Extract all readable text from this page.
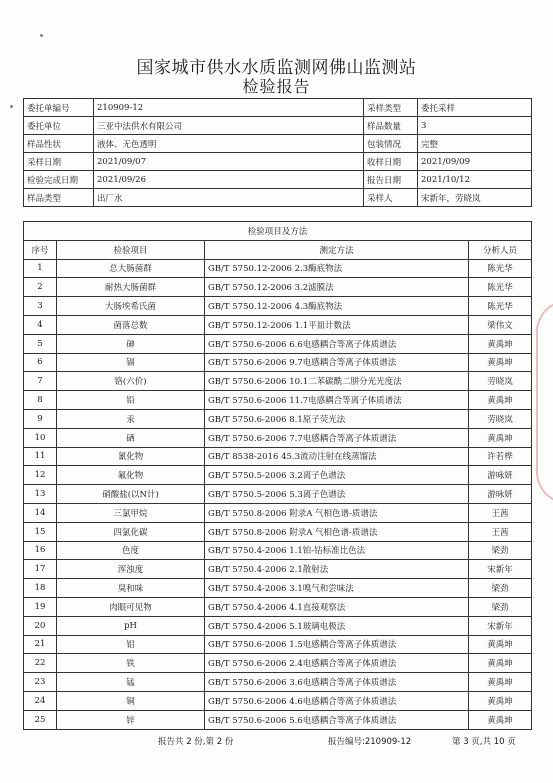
国家城市供水水质监测网佛山监测站
检验报告
委托单编号	210909-12	采样类型	委托采样
委托单位	三亚中法供水有限公司	样品数量	3
样品性状	液体、无色透明	包装情况	完整
采样日期	2021/09/07	收样日期	2021/09/09
检验完成日期	2021/09/26	报告日期	2021/10/12
样品类型	出厂水	采样人	宋新年，劳晓岚
检验项目及方法			
序号	检验项目	测定方法	分析人员
1	总大肠菌群	GB/T 5750.12-2006 2.3酶底物法	陈光华
2	耐热大肠菌群	GB/T 5750.12-2006 3.2滤膜法	陈光华
3	大肠埃希氏菌	GB/T 5750.12-2006 4.3酶底物法	陈光华
4	菌落总数	GB/T 5750.12-2006 1.1平皿计数法	梁伟文
5	砷	GB/T 5750.6-2006 6.6电感耦合等离子体质谱法	黄禹坤
6	镉	GB/T 5750.6-2006 9.7电感耦合等离子体质谱法	黄禹坤
7	铬(六价)	GB/T 5750.6-2006 10.1二苯碳酰二肼分光光度法	劳晓岚
8	铅	GB/T 5750.6-2006 11.7电感耦合等离子体质谱法	黄禹坤
9	汞	GB/T 5750.6-2006 8.1原子荧光法	劳晓岚
10	硒	GB/T 5750.6-2006 7.7电感耦合等离子体质谱法	黄禹坤
11	氰化物	GB/T 8538-2016 45.3流动注射在线蒸馏法	许若桦
12	氟化物	GB/T 5750.5-2006 3.2离子色谱法	游咏妍
13	硝酸盐(以N计)	GB/T 5750.5-2006 5.3离子色谱法	游咏妍
14	三氯甲烷	GB/T 5750.8-2006 附录A 气相色谱-质谱法	王茜
15	四氯化碳	GB/T 5750.8-2006 附录A 气相色谱-质谱法	王茜
16	色度	GB/T 5750.4-2006 1.1铂-钴标准比色法	梁劲
17	浑浊度	GB/T 5750.4-2006 2.1散射法	宋新年
18	臭和味	GB/T 5750.4-2006 3.1嗅气和尝味法	梁劲
19	肉眼可见物	GB/T 5750.4-2006 4.1直接观察法	梁劲
20	pH	GB/T 5750.4-2006 5.1玻璃电极法	宋新年
21	铝	GB/T 5750.6-2006 1.5电感耦合等离子体质谱法	黄禹坤
22	铁	GB/T 5750.6-2006 2.4电感耦合等离子体质谱法	黄禹坤
23	锰	GB/T 5750.6-2006 3.6电感耦合等离子体质谱法	黄禹坤
24	铜	GB/T 5750.6-2006 4.6电感耦合等离子体质谱法	黄禹坤
25	锌	GB/T 5750.6-2006 5.6电感耦合等离子体质谱法	黄禹坤
报告共 2 份,第 2 份	报告编号:210909-12	第 3 页,共 10 页
